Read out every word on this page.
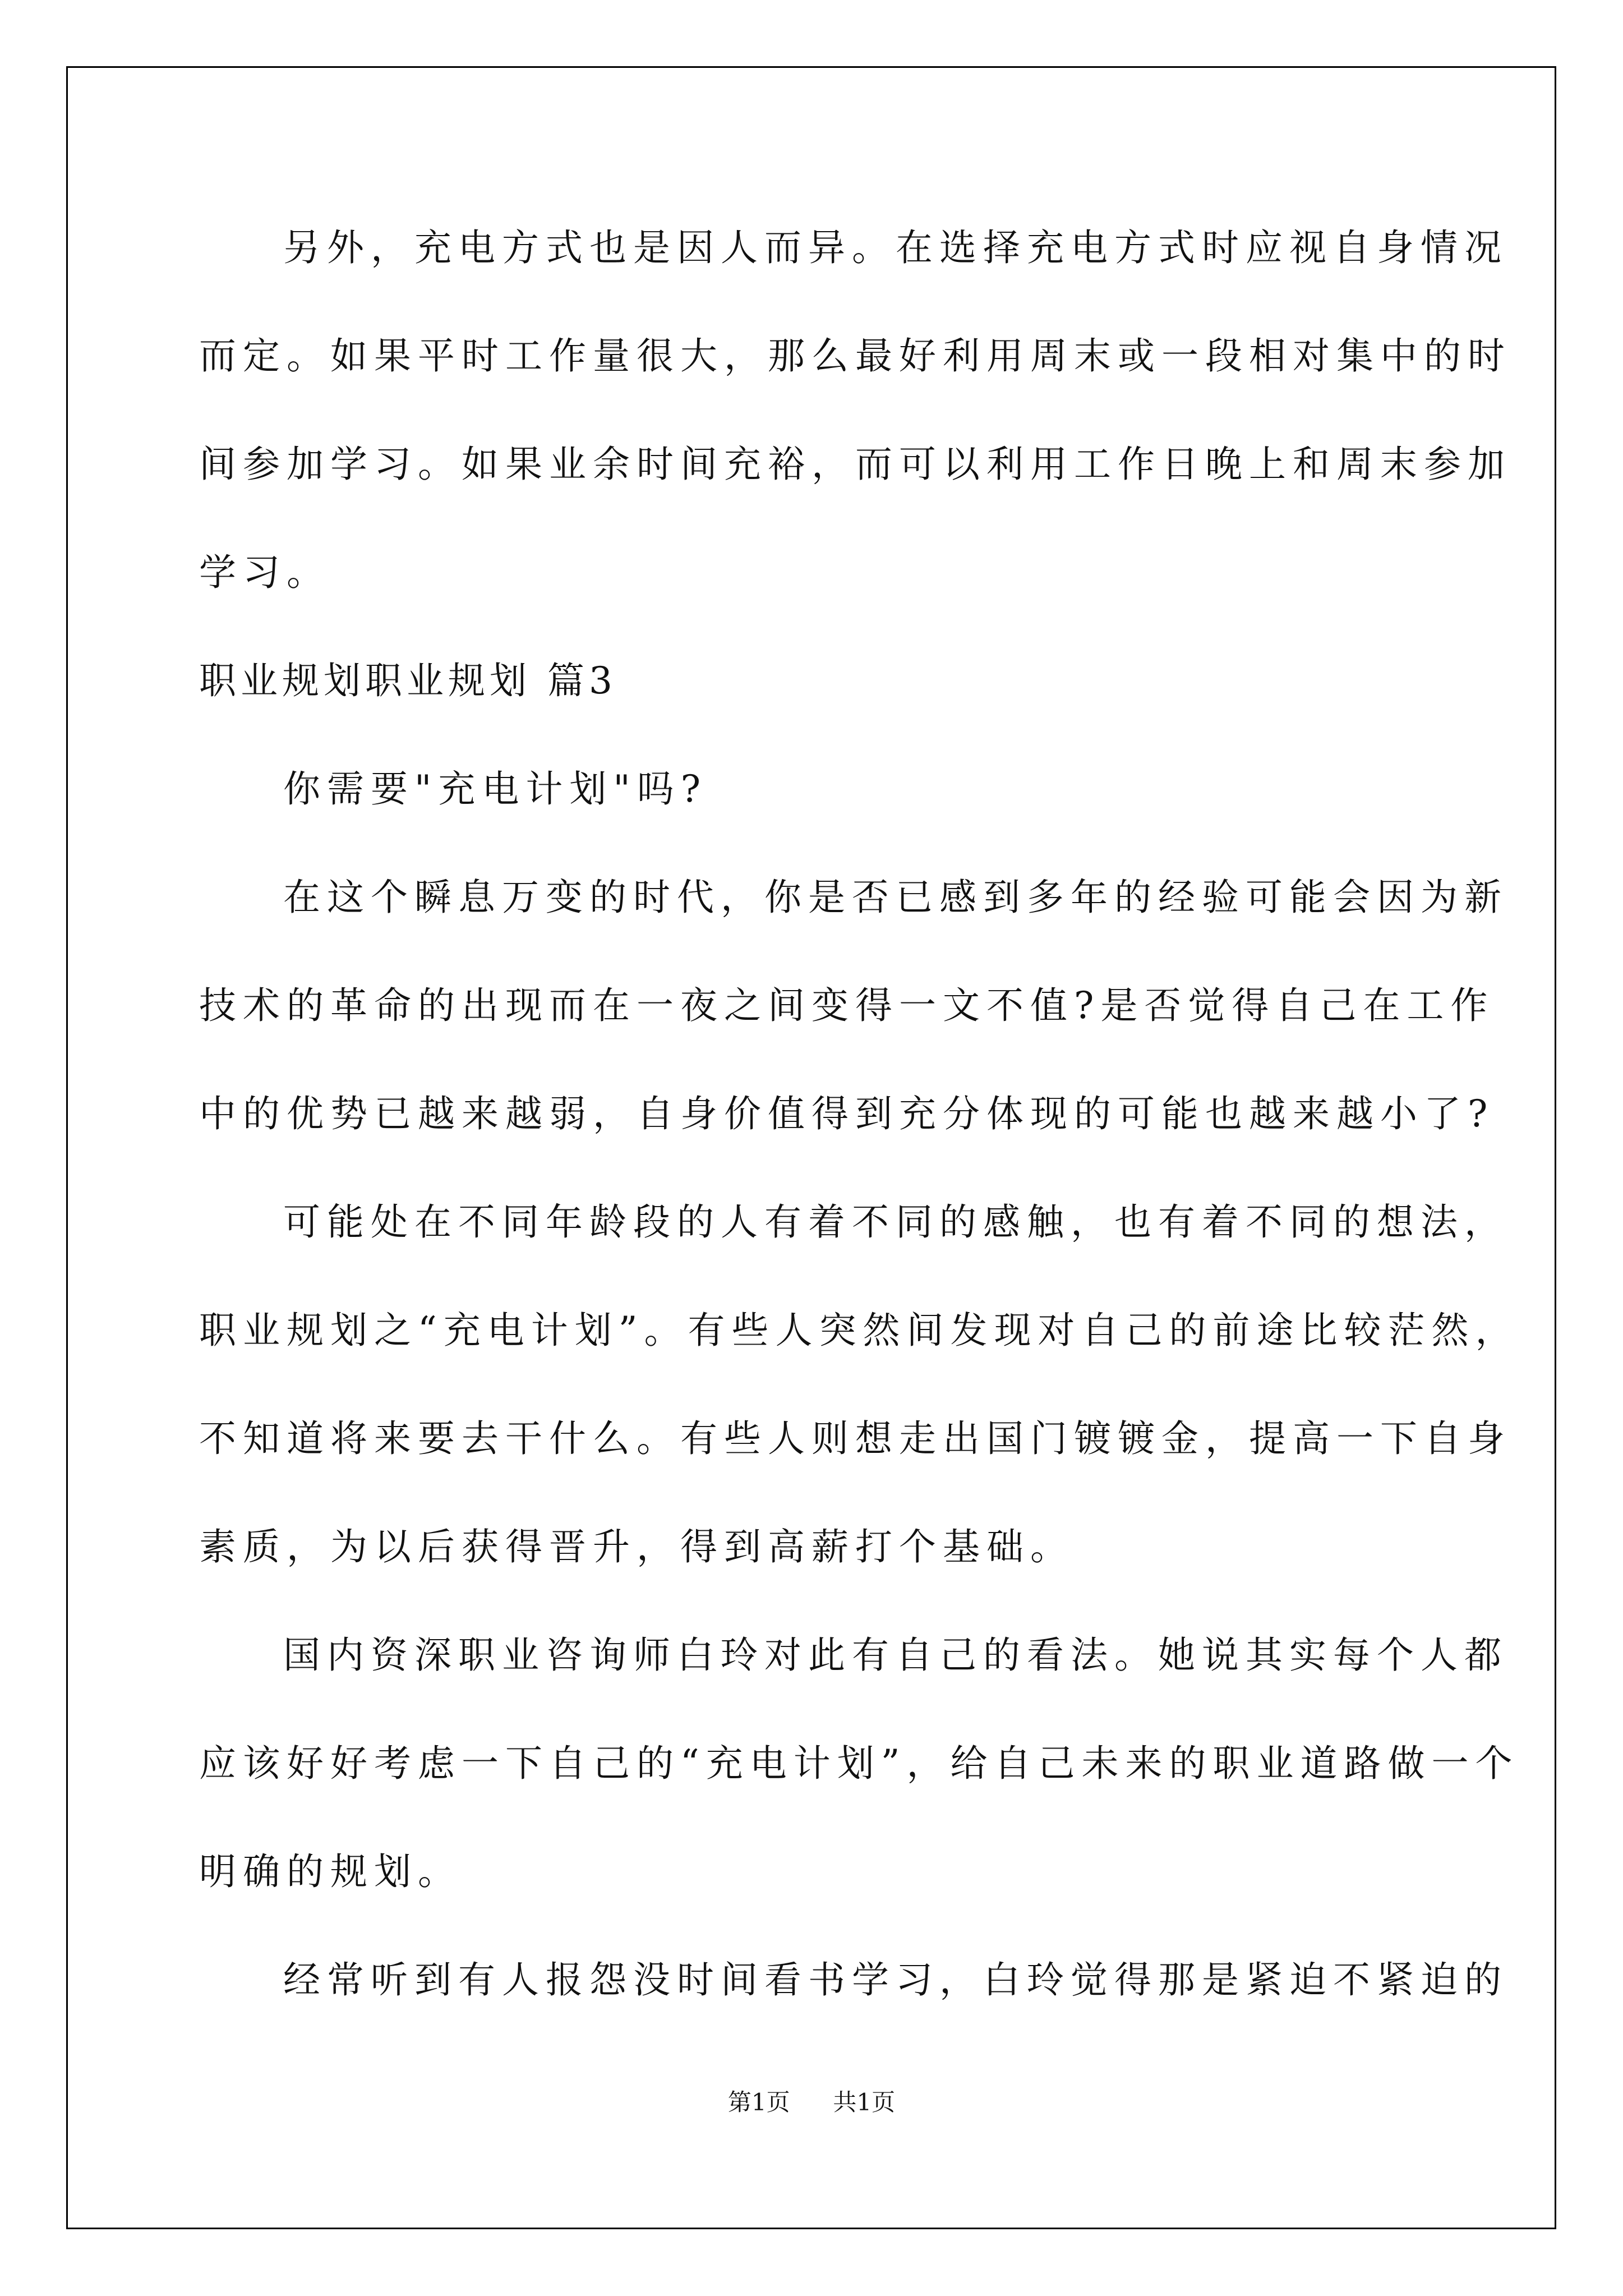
另外，充电方式也是因人而异。在选择充电方式时应视自身情况
而定。如果平时工作量很大，那么最好利用周末或一段相对集中的时
间参加学习。如果业余时间充裕，而可以利用工作日晚上和周末参加
学习。
职业规划职业规划 篇3
你需要"充电计划"吗?
在这个瞬息万变的时代，你是否已感到多年的经验可能会因为新
技术的革命的出现而在一夜之间变得一文不值?是否觉得自己在工作
中的优势已越来越弱，自身价值得到充分体现的可能也越来越小了?
可能处在不同年龄段的人有着不同的感触，也有着不同的想法，
职业规划之“充电计划”。有些人突然间发现对自己的前途比较茫然，
不知道将来要去干什么。有些人则想走出国门镀镀金，提高一下自身
素质，为以后获得晋升，得到高薪打个基础。
国内资深职业咨询师白玲对此有自己的看法。她说其实每个人都
应该好好考虑一下自己的“充电计划”，给自己未来的职业道路做一个
明确的规划。
经常听到有人报怨没时间看书学习，白玲觉得那是紧迫不紧迫的
第1页 共1页
